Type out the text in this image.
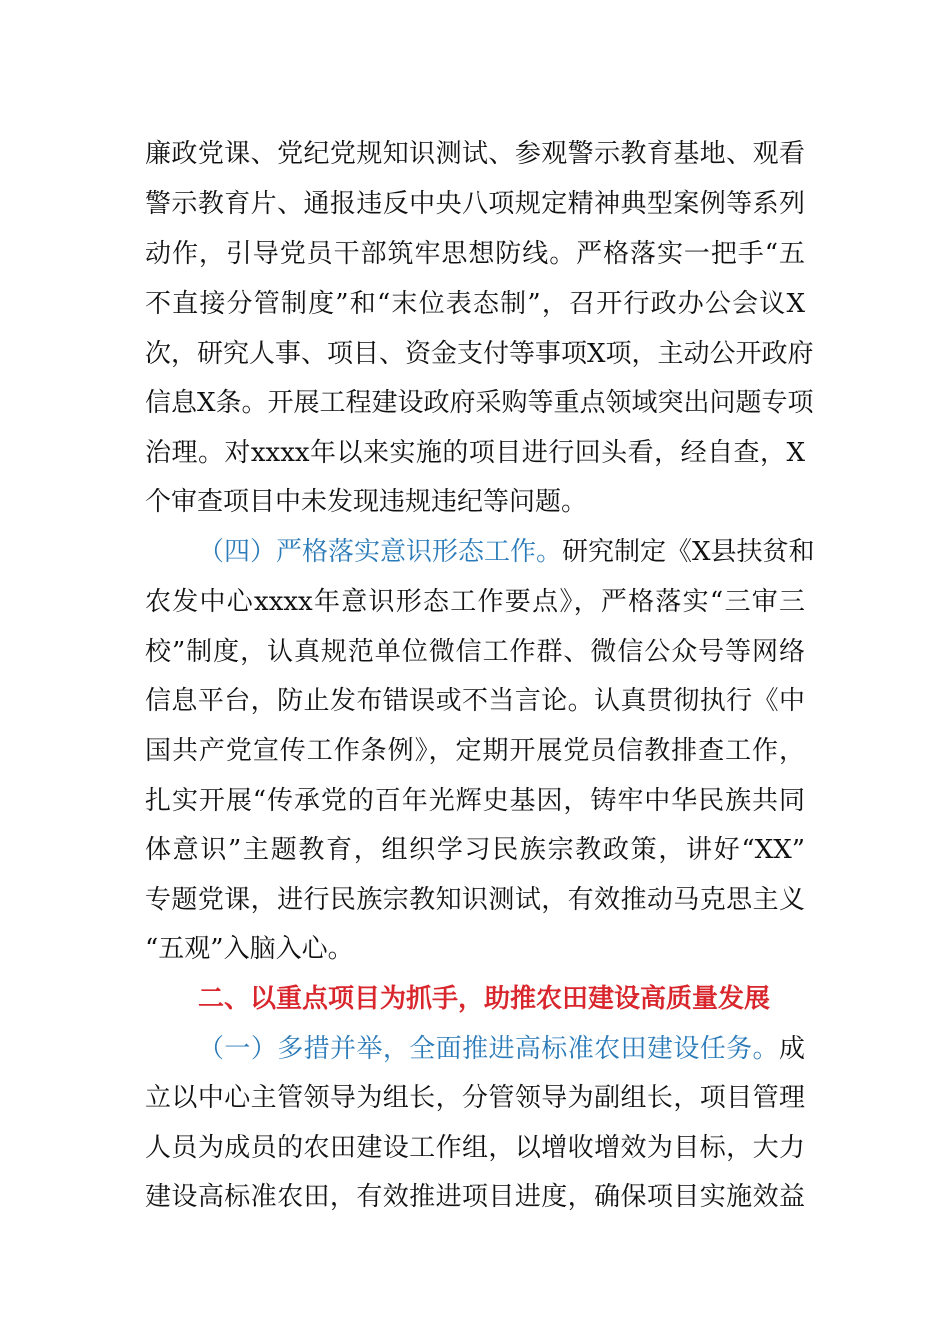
廉政党课、党纪党规知识测试、参观警示教育基地、观看
警示教育片、通报违反中央八项规定精神典型案例等系列
动作，引导党员干部筑牢思想防线。严格落实一把手“五
不直接分管制度”和“末位表态制”，召开行政办公会议X
次，研究人事、项目、资金支付等事项X项，主动公开政府
信息X条。开展工程建设政府采购等重点领域突出问题专项
治理。对xxxx年以来实施的项目进行回头看，经自查，X
个审查项目中未发现违规违纪等问题。
（四）严格落实意识形态工作。研究制定《X县扶贫和
农发中心xxxx年意识形态工作要点》，严格落实“三审三
校”制度，认真规范单位微信工作群、微信公众号等网络
信息平台，防止发布错误或不当言论。认真贯彻执行《中
国共产党宣传工作条例》，定期开展党员信教排查工作，
扎实开展“传承党的百年光辉史基因，铸牢中华民族共同
体意识”主题教育，组织学习民族宗教政策，讲好“XX”
专题党课，进行民族宗教知识测试，有效推动马克思主义
“五观”入脑入心。
二、以重点项目为抓手，助推农田建设高质量发展
（一）多措并举，全面推进高标准农田建设任务。成
立以中心主管领导为组长，分管领导为副组长，项目管理
人员为成员的农田建设工作组，以增收增效为目标，大力
建设高标准农田，有效推进项目进度，确保项目实施效益
